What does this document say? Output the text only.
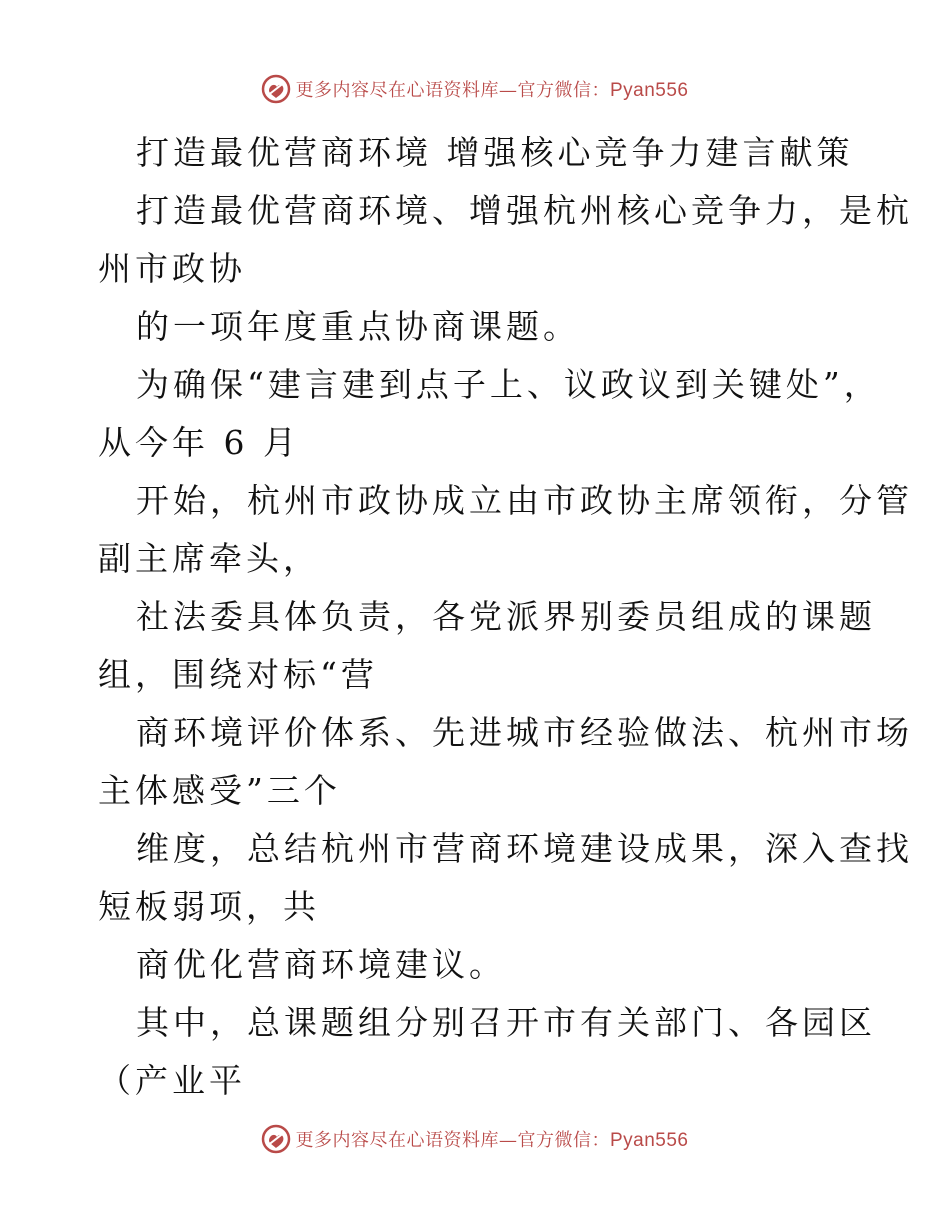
更多内容尽在心语资料库—官方微信：Pyan556
打造最优营商环境 增强核心竞争力建言献策
打造最优营商环境、增强杭州核心竞争力，是杭
州市政协
的一项年度重点协商课题。
为确保“建言建到点子上、议政议到关键处”，
从今年 6 月
开始，杭州市政协成立由市政协主席领衔，分管
副主席牵头，
社法委具体负责，各党派界别委员组成的课题
组，围绕对标“营
商环境评价体系、先进城市经验做法、杭州市场
主体感受”三个
维度，总结杭州市营商环境建设成果，深入查找
短板弱项，共
商优化营商环境建议。
其中，总课题组分别召开市有关部门、各园区
（产业平
更多内容尽在心语资料库—官方微信：Pyan556
